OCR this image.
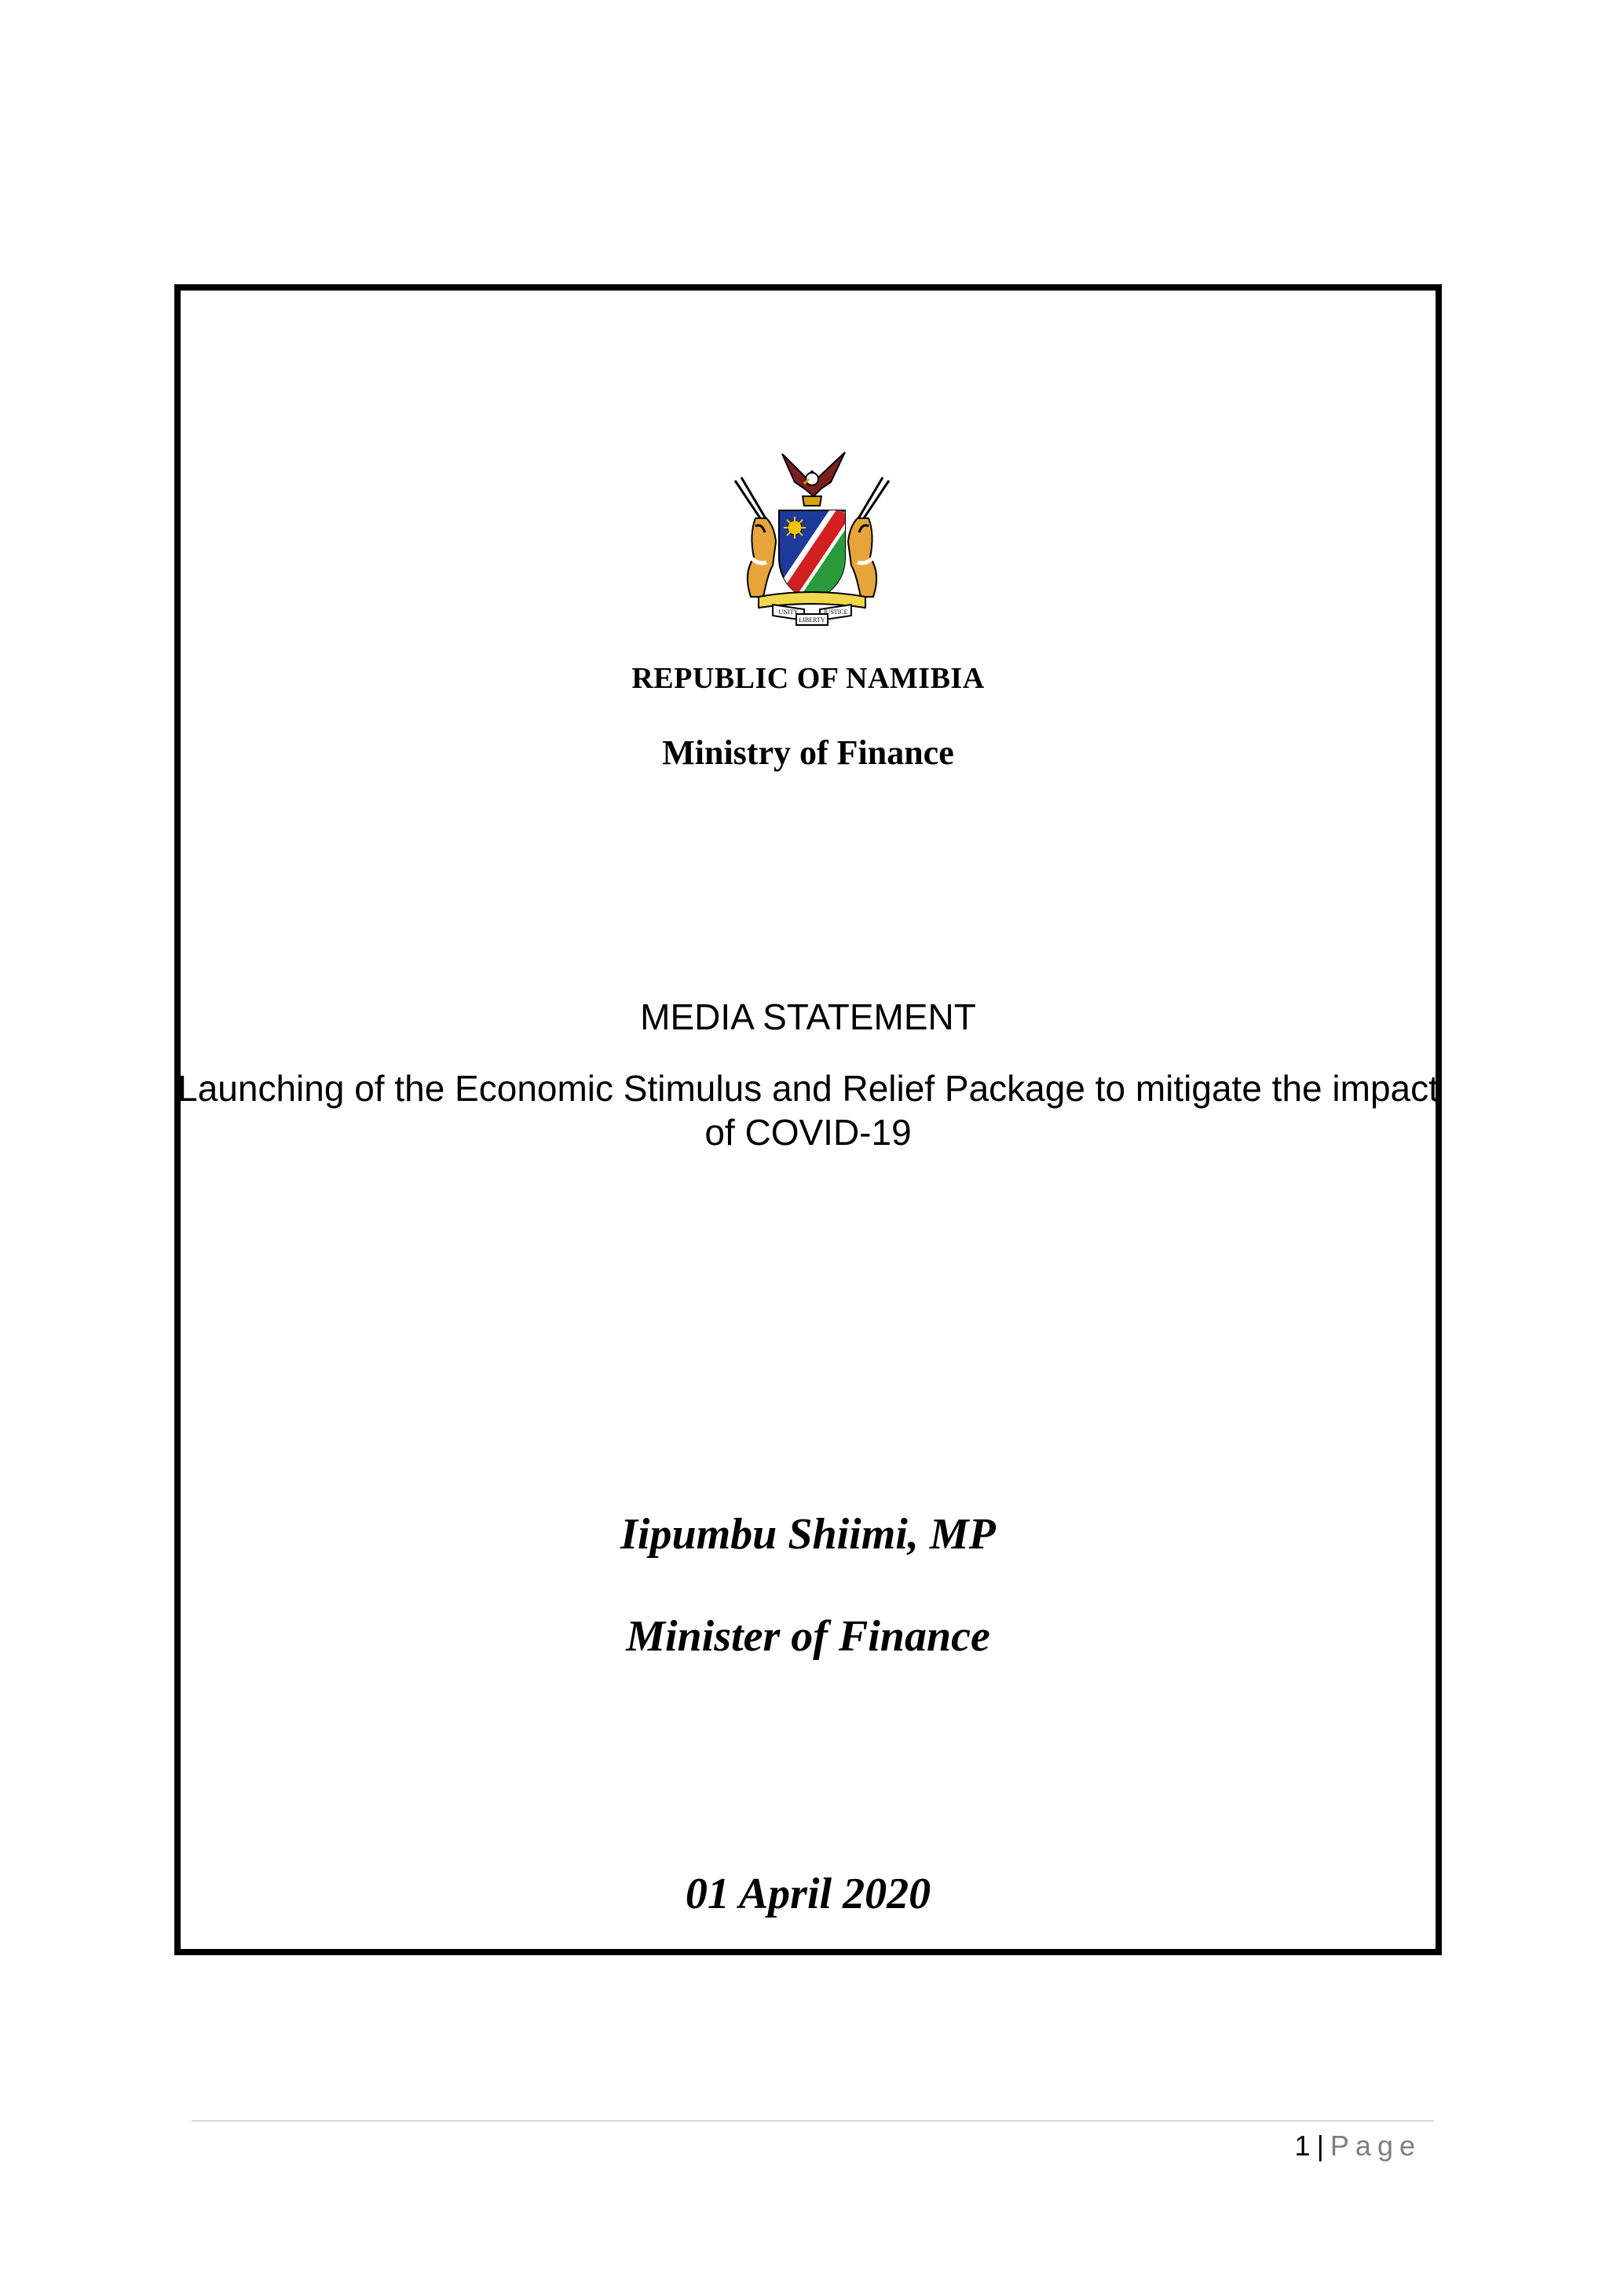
UNITY
LIBERTY
JUSTICE
REPUBLIC OF NAMIBIA
Ministry of Finance
MEDIA STATEMENT
Launching of the Economic Stimulus and Relief Package to mitigate the impact of COVID-19
Iipumbu Shiimi, MP
Minister of Finance
01 April 2020
1 | Page
